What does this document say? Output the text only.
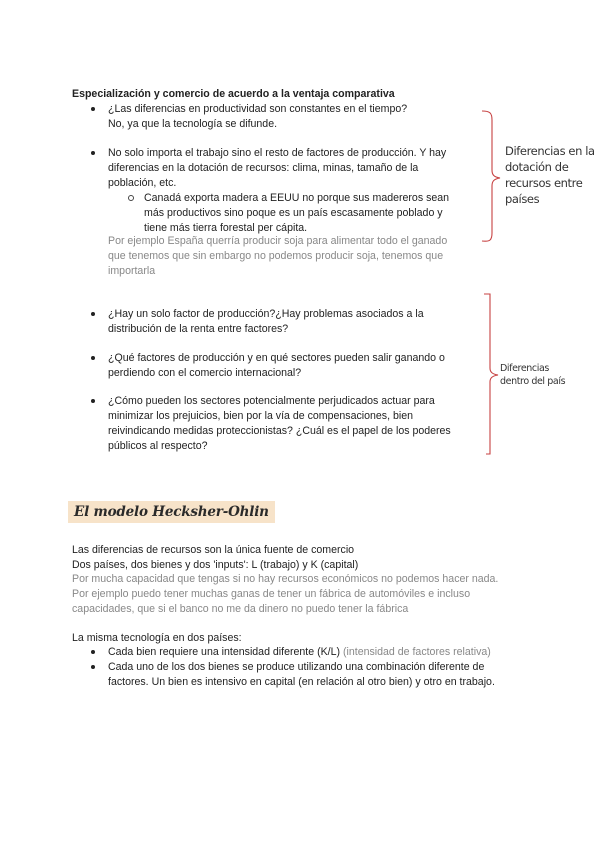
Especialización y comercio de acuerdo a la ventaja comparativa
¿Las diferencias en productividad son constantes en el tiempo?
No, ya que la tecnología se difunde.
No solo importa el trabajo sino el resto de factores de producción. Y hay
diferencias en la dotación de recursos: clima, minas, tamaño de la
población, etc.
Canadá exporta madera a EEUU no porque sus madereros sean
más productivos sino poque es un país escasamente poblado y
tiene más tierra forestal per cápita.
Por ejemplo España querría producir soja para alimentar todo el ganado
que tenemos que sin embargo no podemos producir soja, tenemos que
importarla
¿Hay un solo factor de producción?¿Hay problemas asociados a la
distribución de la renta entre factores?
¿Qué factores de producción y en qué sectores pueden salir ganando o
perdiendo con el comercio internacional?
¿Cómo pueden los sectores potencialmente perjudicados actuar para
minimizar los prejuicios, bien por la vía de compensaciones, bien
reivindicando medidas proteccionistas? ¿Cuál es el papel de los poderes
públicos al respecto?
Diferencias en la
dotación de
recursos entre
países
Diferencias
dentro del país
El modelo Hecksher-Ohlin
Las diferencias de recursos son la única fuente de comercio
Dos países, dos bienes y dos 'inputs': L (trabajo) y K (capital)
Por mucha capacidad que tengas si no hay recursos económicos no podemos hacer nada.
Por ejemplo puedo tener muchas ganas de tener un fábrica de automóviles e incluso
capacidades, que si el banco no me da dinero no puedo tener la fábrica
La misma tecnología en dos países:
Cada bien requiere una intensidad diferente (K/L) (intensidad de factores relativa)
Cada uno de los dos bienes se produce utilizando una combinación diferente de
factores. Un bien es intensivo en capital (en relación al otro bien) y otro en trabajo.
